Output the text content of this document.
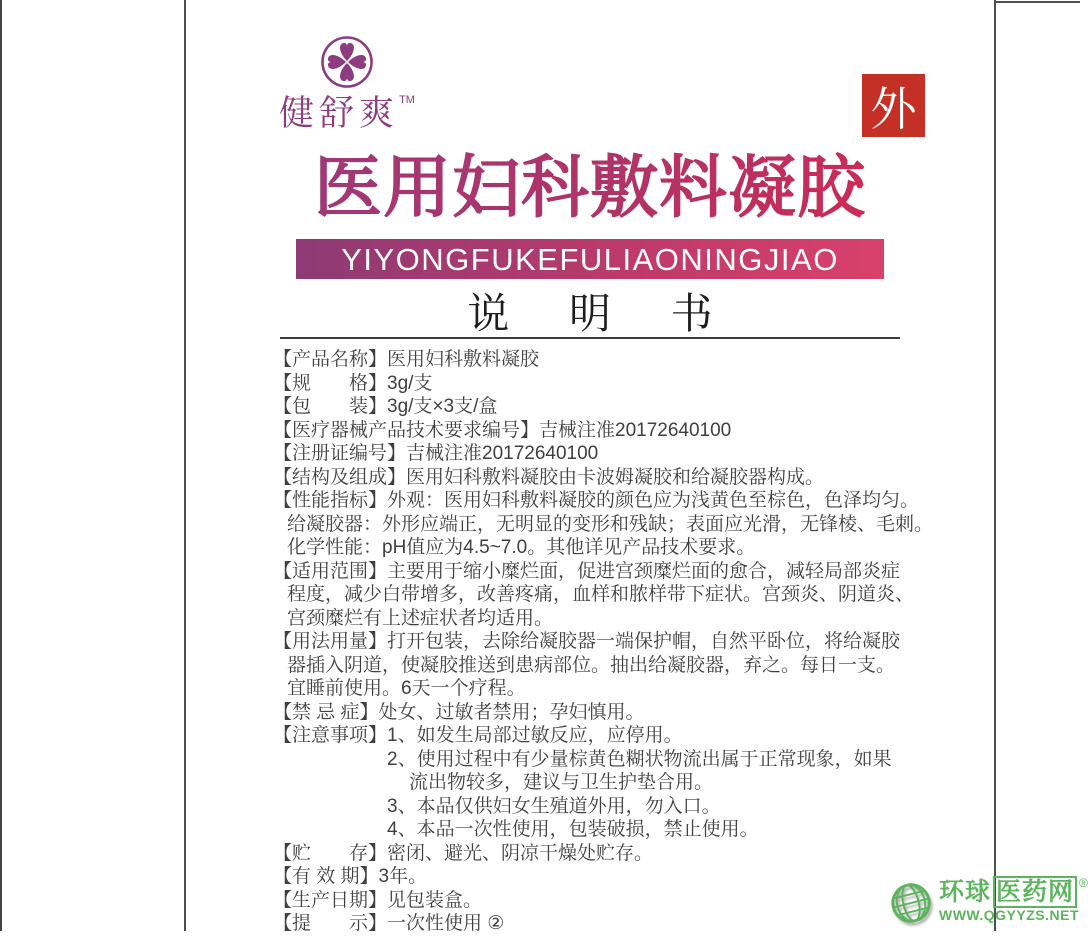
健舒爽™	外
医用妇科敷料凝胶
YIYONGFUKEFULIAONINGJIAO
说 明 书
【产品名称】医用妇科敷料凝胶
【规　　格】3g/支
【包　　装】3g/支×3支/盒
【医疗器械产品技术要求编号】吉械注准20172640100
【注册证编号】吉械注准20172640100
【结构及组成】医用妇科敷料凝胶由卡波姆凝胶和给凝胶器构成。
【性能指标】外观：医用妇科敷料凝胶的颜色应为浅黄色至棕色，色泽均匀。
给凝胶器：外形应端正，无明显的变形和残缺；表面应光滑，无锋棱、毛刺。
化学性能：pH值应为4.5~7.0。其他详见产品技术要求。
【适用范围】主要用于缩小糜烂面，促进宫颈糜烂面的愈合，减轻局部炎症
程度，减少白带增多，改善疼痛，血样和脓样带下症状。宫颈炎、阴道炎、
宫颈糜烂有上述症状者均适用。
【用法用量】打开包装，去除给凝胶器一端保护帽，自然平卧位，将给凝胶
器插入阴道，使凝胶推送到患病部位。抽出给凝胶器，弃之。每日一支。
宜睡前使用。6天一个疗程。
【禁 忌 症】处女、过敏者禁用；孕妇慎用。
【注意事项】1、如发生局部过敏反应，应停用。
2、使用过程中有少量棕黄色糊状物流出属于正常现象，如果
流出物较多，建议与卫生护垫合用。
3、本品仅供妇女生殖道外用，勿入口。
4、本品一次性使用，包装破损，禁止使用。
【贮　　存】密闭、避光、阴凉干燥处贮存。
【有 效 期】3年。
【生产日期】见包装盒。
【提　　示】一次性使用 ②
环球 医药网 ®
WWW.QGYYZS.NET
